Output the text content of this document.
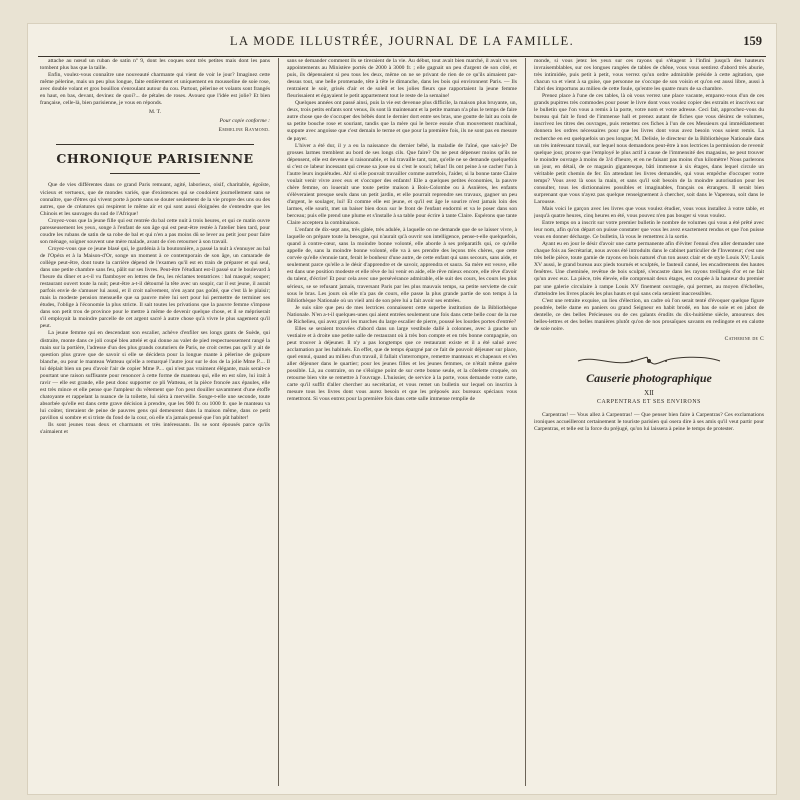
LA MODE ILLUSTRÉE, JOURNAL DE LA FAMILLE.	159

attache au nœud un ruban de satin nº 9, dont les coques sont très petites mais dont les pans tombent plus bas que la taille.

Enfin, voulez-vous connaître une nouveauté charmante qui vient de voir le jour? Imaginez cette même pèlerine, mais un peu plus longue, faite entièrement et uniquement en mousseline de soie rose, avec double volant et gros bouillon s'enroulant autour du cou. Partout, pèlerine et volants sont frangés en haut, en bas, devant, devinez de quoi?... de pétales de roses. Avouez que l'idée est jolie? Et bien française, celle-là, bien parisienne, je vous en réponds.

M. T.
Pour copie conforme :
Emmeline Raymond.
CHRONIQUE PARISIENNE

Que de vies différentes dans ce grand Paris remuant, agité, laborieux, oisif, charitable, égoïste, vicieux et vertueux, que de mondes variés, que d'existences qui se coudoient journellement sans se connaître, que d'êtres qui vivent porte à porte sans se douter seulement de la vie propre des uns ou des autres, que de créatures qui respirent le même air et qui sont aussi éloignées de s'entendre que les Chinois et les sauvages du sud de l'Afrique!

Croyez-vous que la jeune fille qui est rentrée du bal cette nuit à trois heures, et qui ce matin ouvre paresseusement les yeux, songe à l'enfant de son âge qui est peut-être restée à l'atelier bien tard, pour coudre les rubans de satin de sa robe de bal et qui n'en a pas moins dû se lever au petit jour pour faire son ménage, soigner souvent une mère malade, avant de s'en retourner à son travail.

Croyez-vous que ce jeune blasé qui, le gardénia à la boutonnière, a passé la nuit à s'ennuyer au bal de l'Opéra et à la Maison-d'Or, songe un moment à ce contemporain de son âge, un camarade de collège peut-être, dont toute la carrière dépend de l'examen qu'il est en train de préparer et qui seul, dans une petite chambre sans feu, pâlit sur ses livres. Peut-être l'étudiant est-il passé sur le boulevard à l'heure du dîner et a-t-il vu flamboyer en lettres de feu, les réclames tentatrices : bal masqué; souper; restaurant ouvert toute la nuit; peut-être a-t-il détourné la tête avec un soupir, car il est jeune, il aurait parfois envie de s'amuser lui aussi, et il croit naïvement, n'en ayant pas goûté, que c'est là le plaisir; mais la modeste pension mensuelle que sa pauvre mère lui sert pour lui permettre de terminer ses études, l'oblige à l'économie la plus stricte. Il sait toutes les privations que la pauvre femme s'impose dans son petit trou de province pour le mettre à même de devenir quelque chose, et il se mépriserait s'il employait la moindre parcelle de cet argent sacré à autre chose qu'à vivre le plus sagement qu'il peut.

La jeune femme qui en descendant son escalier, achève d'enfiler ses longs gants de Suède, qui distraite, monte dans ce joli coupé bleu attelé et qui donne au valet de pied respectueusement rangé la main sur la portière, l'adresse d'un des plus grands couturiers de Paris, ne croit certes pas qu'il y ait de question plus grave que de savoir si elle se décidera pour la longue mante à pèlerine de guipure blanche, ou pour le manteau Watteau qu'elle a remarqué l'autre jour sur le dos de la jolie Mme P.... Il lui déplait bien un peu d'avoir l'air de copier Mme P.... qui n'est pas vraiment élégante, mais serait-ce pourtant une raison suffisante pour renoncer à cette forme de manteau qui, elle en est sûre, lui irait à ravir — elle est grande, elle peut donc supporter ce pli Watteau, et la pièce froncée aux épaules, elle est très mince et elle pense que l'ampleur du vêtement que l'on peut douiller savamment d'une étoffe chatoyante et rappelant la nuance de la toilette, lui siéra à merveille. Songe-t-elle une seconde, toute absorbée qu'elle est dans cette grave décision à prendre, que les 900 fr. ou 1000 fr. que le manteau va lui coûter, tireraient de peine de pauvres gens qui demeurent dans la maison même, dans ce petit pavillon si sombre et si triste du fond de la cour, où elle n'a jamais pensé que l'on pût habiter!

Ils sont jeunes tous deux et charmants et très intéressants. Ils se sont épousés parce qu'ils s'aimaient et

sans se demander comment ils se tireraient de la vie. Au début, tout avait bien marché, il avait vu ses appointements au Ministère portés de 2000 à 3000 fr. ; elle gagnait un peu d'argent de son côté, et puis, ils dépensaient si peu tous les deux, même on ne se privant de rien de ce qu'ils aimaient par-dessus tout, une belle promenade, tête à tête le dimanche, dans les bois qui environnent Paris. — Ils rentraient le soir, grisés d'air et de soleil et les jolies fleurs que rapportaient la jeune femme fleurissaient et égayaient le petit appartement tout le reste de la semaine!

Quelques années ont passé ainsi, puis la vie est devenue plus difficile, la maison plus bruyante, un, deux, trois petits enfants sont venus, ils sont là maintenant et la petite maman n'a plus le temps de faire autre chose que de s'occuper des bébés dont le dernier dort entre ses bras, une goutte de lait au coin de sa petite bouche rose et souriant, tandis que la mère qui le berce essuie d'un mouvement machinal, suppute avec angoisse que c'est demain le terme et que pour la première fois, ils ne sont pas en mesure de payer.

L'hiver a été dur, il y a eu la naissance du dernier bébé, la maladie de l'aîné, que sais-je? De grosses larmes tremblent au bord de ses longs cils. Que faire? On ne peut dépenser moins qu'ils ne dépensent, elle est devenue si raisonnable, et lui travaille tant, tant, qu'elle ne se demande quelquefois si c'est ce labeur incessant qui creuse sa joue ou si c'est le souci; hélas! Ils ont peine à se cacher l'un à l'autre leurs inquiétudes. Ah! si elle pouvait travailler comme autrefois, l'aider, si la bonne tante Claire voulait venir vivre avec eux et s'occuper des enfants! Elle a quelques petites économies, la pauvre chère femme, on louerait une toute petite maison à Bois-Colombe ou à Asnières, les enfants s'élèveraient presque seuls dans un petit jardin, et elle pourrait reprendre ses travaux, gagner un peu d'argent, le soulager, lui! Et comme elle est jeune, et qu'il est âge le sourire n'est jamais loin des larmes, elle sourit, met un baiser bien doux sur le front de l'enfant endormi et va le poser dans son berceau; puis elle prend une plume et s'installe à sa table pour écrire à tante Claire. Espérons que tante Claire acceptera la combinaison.

L'enfant de dix-sept ans, très gâtée, très adulée, à laquelle on ne demande que de se laisser vivre, à laquelle on prépare toute la besogne, qui n'aurait qu'à ouvrir son intelligence, pense-t-elle quelquefois, quand à contre-cœur, sans la moindre bonne volonté, elle aborde à ses préparatifs qui, ce qu'elle appelle de, sans la moindre bonne volonté, elle va à ses prendre des leçons très chères, que cette corvée qu'elle s'ennuie tant, ferait le bonheur d'une autre, de cette enfant qui sans secours, sans aide, et seulement parce qu'elle a le désir d'apprendre et de savoir, apprendra et saura. Sa mère est veuve, elle est dans une position modeste et elle rêve de lui venir en aide, elle rêve mieux encore, elle rêve d'avoir du talent, d'écrire! Et pour cela avec une persévérance admirable, elle suit des cours, les cours les plus sérieux, se se refusant jamais, traversant Paris par les plus mauvais temps, sa petite serviette de cuir sous le bras. Les jours où elle n'a pas de cours, elle passe la plus grande partie de son temps à la Bibliothèque Nationale où un vieil ami de son père lui a fait avoir ses entrées.

Je suis sûre que peu de mes lectrices connaissent cette superbe institution de la Bibliothèque Nationale. N'en a-t-il quelques-unes qui aient entrées seulement une fois dans cette belle cour de la rue de Richelieu, qui avez gravi les marches du large escalier de pierre, poussé les lourdes portes d'entrée?

Elles se seraient trouvées d'abord dans un large vestibule dallé à colonnes, avec à gauche un vestiaire et à droite une petite salle de restaurant où à très bon compte et en très bonne compagnie, on peut trouver à déjeuner. Il n'y a pas longtemps que ce restaurant existe et il a été salué avec acclamation par les habitués. En effet, que de temps épargné par ce fait de pouvoir déjeuner sur place, quel ennui, quand au milieu d'un travail, il fallait s'interrompre, remettre manteaux et chapeaux et s'en aller déjeuner dans le quartier; pour les jeunes filles et les jeunes femmes, ce n'était même guère possible. Là, au contraire, on ne s'éloigne point de sur cette bonne seule, et la côtelette croquée, on retourne bien vite se remettre à l'ouvrage. L'huissier, de service à la porte, vous demande votre carte, carte qu'il suffit d'aller chercher au secrétariat, et vous remet un bulletin sur lequel on inscrira à mesure tous les livres dont vous aurez besoin et que les préposés aux bureaux spéciaux vous remettront. Si vous entrez pour la première fois dans cette salle immense remplie de

monde, si vous jetez les yeux sur ces rayons qui s'étagent à l'infini jusqu'à des hauteurs invraisemblables, sur ces longues rangées de tables de chêne, vous vous sentirez d'abord très aburie, très intimidée, puis petit à petit, vous verrez qu'un ordre admirable préside à cette agitation, que chacun va et vient à sa guise, que personne ne s'occupe de son voisin et qu'on est aussi libre, aussi à l'abri des importuns au milieu de cette foule, qu'entre les quatre murs de sa chambre.

Prenez place à l'une de ces tables, là où vous verrez une place vacante, emparez-vous d'un de ces grands pupitres très commodes pour poser le livre dont vous voulez copier des extraits et inscrivez sur le bulletin que l'on vous a remis à la porte, votre nom et votre adresse. Ceci fait, approchez-vous du bureau qui fait le fond de l'immense hall et prenez autant de fiches que vous désirez de volumes, inscrivez les titres des ouvrages, puis remettez ces fiches à l'un de ces Messieurs qui immédiatement donnera les ordres nécessaires pour que les livres dont vous avez besoin vous soient remis. La recherche en est quelquefois un peu longue; M. Delisle, le directeur de la Bibliothèque Nationale dans un très intéressant travail, sur lequel nous demandons peut-être à nos lectrices la permission de revenir quelque jour, prouve que l'employé le plus actif à cause de l'immensité des magasins, ne peut trouver le moindre ouvrage à moins de 3/4 d'heure, et en ne faisant pas moins d'un kilomètre! Nous parlerons un jour, en détail, de ce magasin gigantesque, bâti immense à six étages, dans lequel circule un véritable petit chemin de fer. En attendant les livres demandés, qui vous empêche d'occuper votre temps? Vous avez là sous la main, et sans qu'il soit besoin de la moindre autorisation pour les consulter, tous les dictionnaires possibles et imaginables, français ou étrangers. Il serait bien surprenant que vous n'ayez pas quelque renseignement à chercher, soit dans le Vapereau, soit dans le Larousse.

Mais voici le garçon avec les livres que vous voulez étudier, vous vous installez à votre table, et jusqu'à quatre heures, cinq heures en été, vous pouvez n'en pas bouger si vous voulez.

Entre temps on a inscrit sur votre premier bulletin le nombre de volumes qui vous a été prêté avec leur nom, afin qu'on départ on puisse constater que vous les avez exactement rendus et que l'on puisse vous en donner décharge. Ce bulletin, là vous le remettrez à la sortie.

Ayant eu en jour le désir d'avoir une carte permanente afin d'éviter l'ennui d'en aller demander une chaque fois au Secrétariat, nous avons été introduits dans le cabinet particulier de l'Inventeur; c'est une très belle pièce, toute garnie de rayons en bois naturel d'un ton assez clair et de style Louis XV; Louis XV aussi, le grand bureau aux pieds tournés et sculptés, le fauteuil canné, les encadrements des hautes fenêtres. Une cheminée, revêtue de bois sculpté, s'encastre dans les rayons treillagés d'or et ne fait qu'un avec eux. La pièce, très élevée, elle comprenait deux étages, est coupée à la hauteur du premier par une galerie circulaire à rampe Louis XV finement ouvragée, qui permet, au moyen d'échelles, d'atteindre les livres placés les plus hauts et qui sans cela seraient inaccessibles.

C'est une retraite exquise, un lieu d'élection, un cadre où l'on serait tenté d'évoquer quelque figure poudrée, belle dame en paniers ou grand Seigneur en habit brodé, en bas de soie et en jabot de dentelle, ce des belles Précieuses ou de ces galants érudits du dix-huitième siècle, amoureux des belles-lettres et des belles manières plutôt qu'on de nos prosaïques savants en redingote et en calotte de soie noire.

Catherine de C
Causerie photographique
XII
CARPENTRAS ET SES ENVIRONS

Carpentras! — Vous allez à Carpentras! — Que penser bien faire à Carpentras? Ces exclamations ironiques accueilleront certainement le touriste parisien qui osera dire à ses amis qu'il veut partir pour Carpentras, et telle est la force du préjugé, qu'on lui laissera à peine le temps de protester.
